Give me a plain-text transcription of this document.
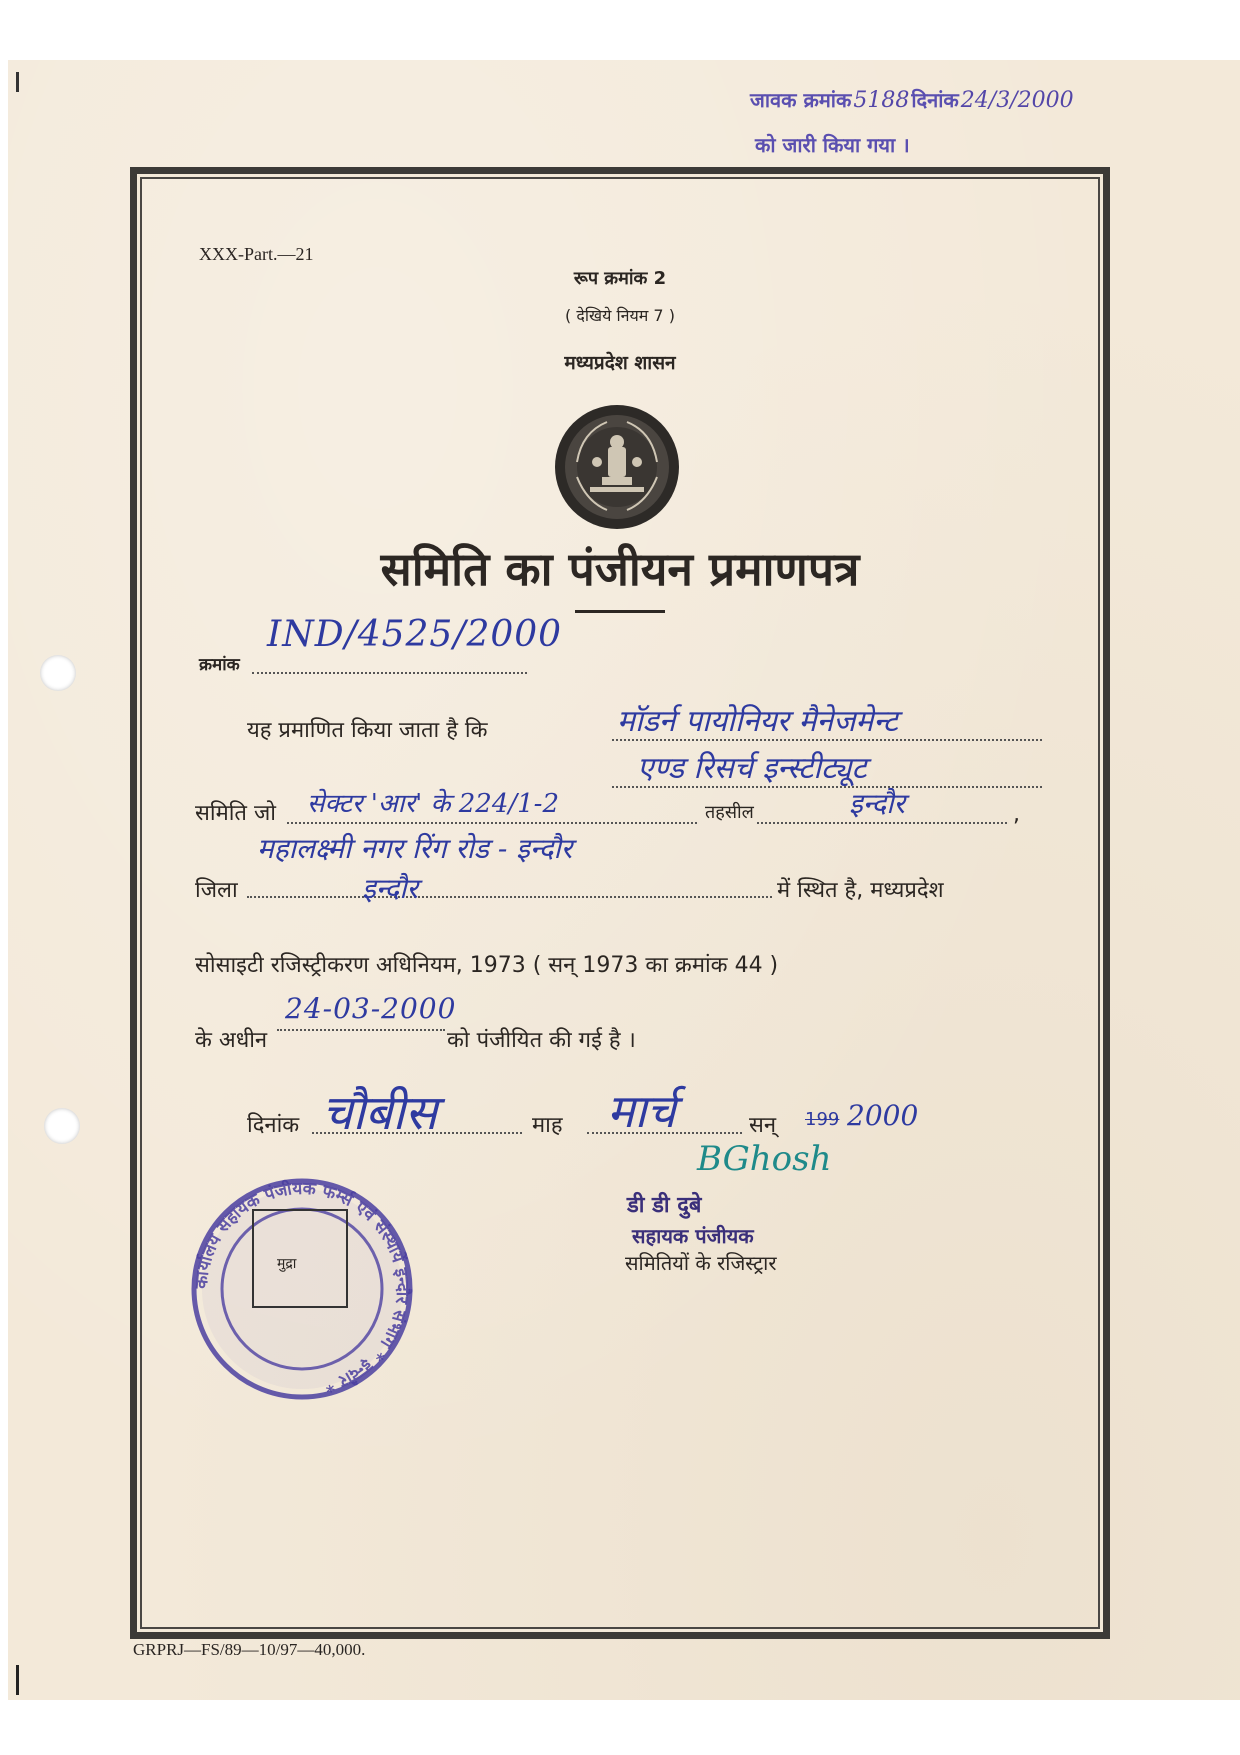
जावक क्रमांक 5188 दिनांक 24/3/2000
को जारी किया गया ।
XXX-Part.—21
रूप क्रमांक 2
( देखिये नियम 7 )
मध्यप्रदेश शासन
समिति का पंजीयन प्रमाणपत्र
क्रमांक
IND/4525/2000
यह प्रमाणित किया जाता है कि	मॉडर्न पायोनियर मैनेजमेन्ट
एण्ड रिसर्च इन्स्टीट्यूट
समिति जो सेक्टर 'आर' के 224/1-2	तहसील	इन्दौर	,
महालक्ष्मी नगर रिंग रोड - इन्दौर
जिला	इन्दौर	में स्थित है, मध्यप्रदेश
सोसाइटी रजिस्ट्रीकरण अधिनियम, 1973 ( सन् 1973 का क्रमांक 44 )
के अधीन
24-03-2000
को पंजीयित की गई है ।
दिनांक चौबीस	माह मार्च	सन् 199 2000
BGhosh
डी डी दुबे
सहायक पंजीयक
समितियों के रजिस्ट्रार
कार्यालय सहायक पंजीयक फर्म्स एवं संस्थायें इन्दौर संभाग * इन्दौर *
मुद्रा
GRPRJ—FS/89—10/97—40,000.
